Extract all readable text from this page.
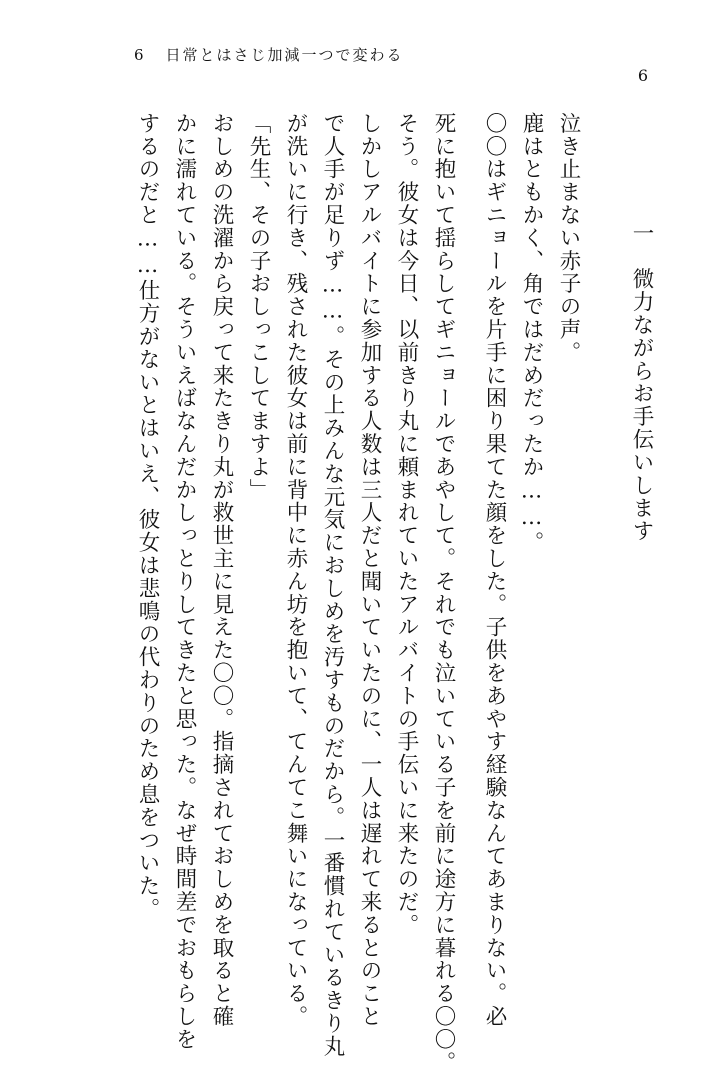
6 日常とはさじ加減一つで変わる
6
一　微力ながらお手伝いします

泣き止まない赤子の声。

鹿はともかく、角ではだめだったか……。

〇〇はギニョールを片手に困り果てた顔をした。子供をあやす経験なんてあまりない。必

死に抱いて揺らしてギニョールであやして。それでも泣いている子を前に途方に暮れる〇〇。

そう。彼女は今日、以前きり丸に頼まれていたアルバイトの手伝いに来たのだ。

しかしアルバイトに参加する人数は三人だと聞いていたのに、一人は遅れて来るとのこと

で人手が足りず……。その上みんな元気におしめを汚すものだから。一番慣れているきり丸

が洗いに行き、残された彼女は前に背中に赤ん坊を抱いて、てんてこ舞いになっている。

「先生、その子おしっこしてますよ」

おしめの洗濯から戻って来たきり丸が救世主に見えた〇〇。指摘されておしめを取ると確

かに濡れている。そういえばなんだかしっとりしてきたと思った。なぜ時間差でおもらしを

するのだと……仕方がないとはいえ、彼女は悲鳴の代わりのため息をついた。
